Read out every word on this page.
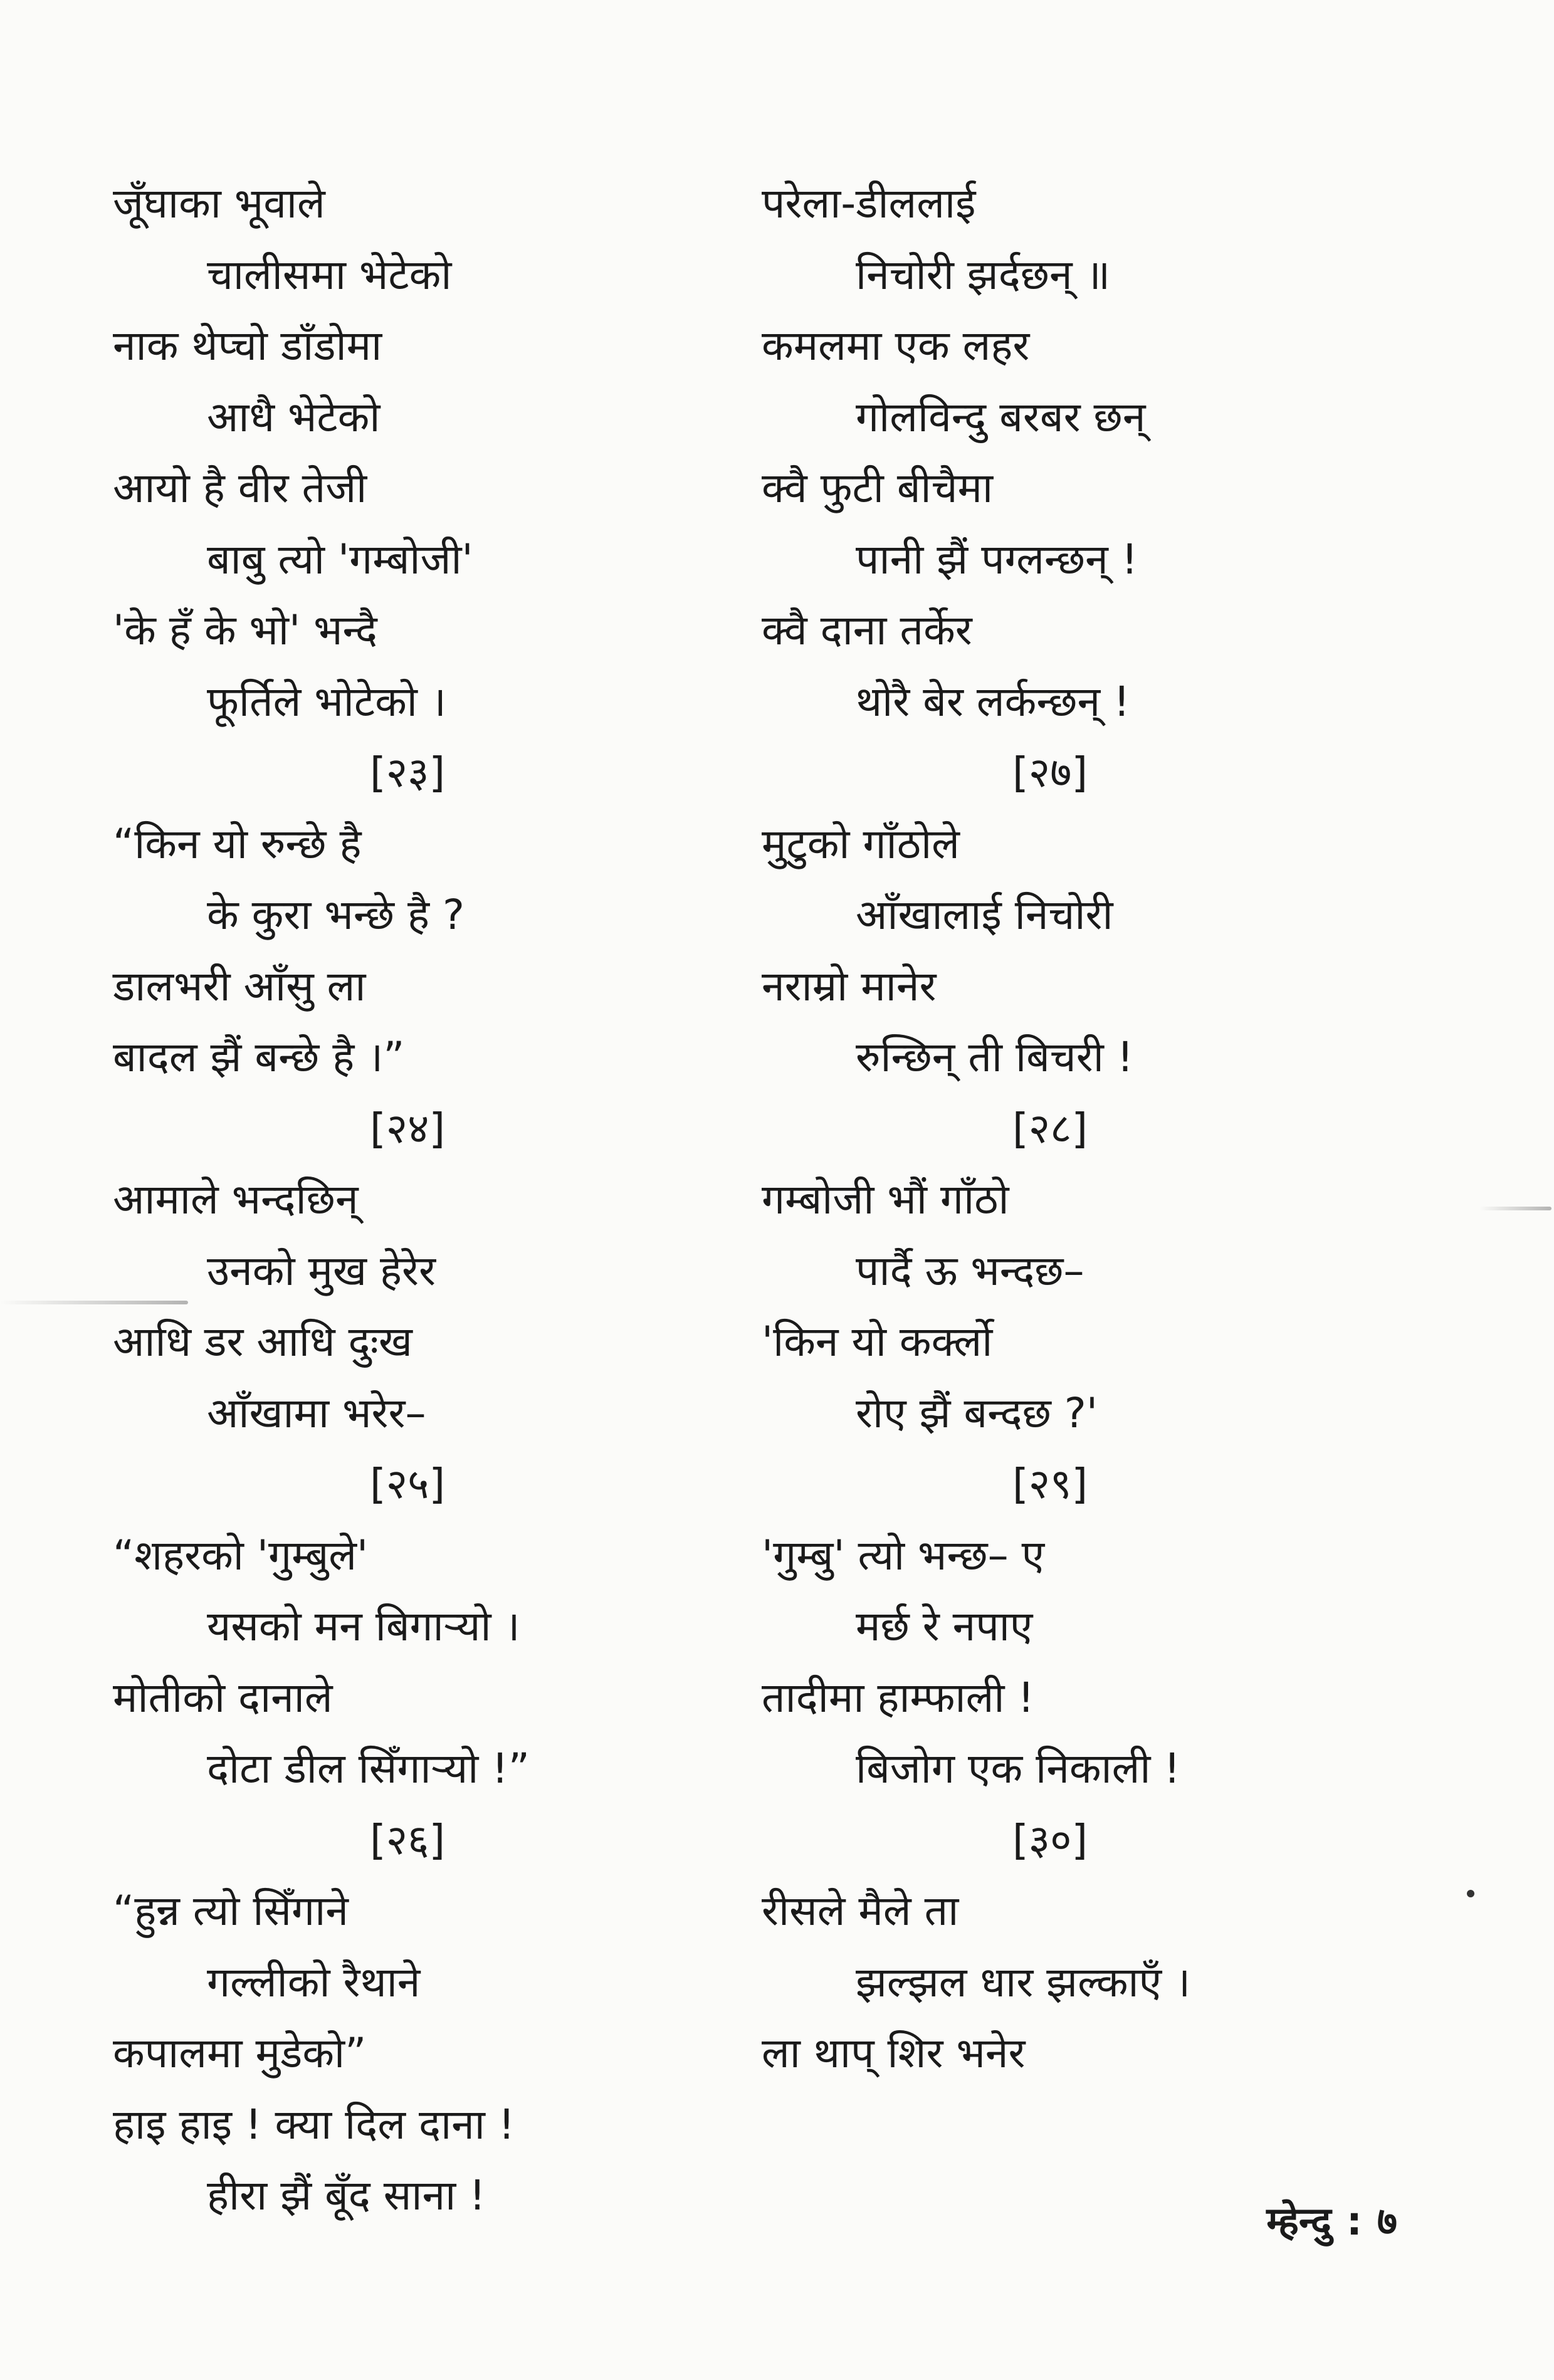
जूँघाका भूवाले
चालीसमा भेटेको
नाक थेप्चो डाँडोमा
आधै भेटेको
आयो है वीर तेजी
बाबु त्यो 'गम्बोजी'
'के हँ के भो' भन्दै
फूर्तिले भोटेको ।
[२३]
“किन यो रुन्छे है
के कुरा भन्छे है ?
डालभरी आँसु ला
बादल झैं बन्छे है ।”
[२४]
आमाले भन्दछिन्
उनको मुख हेरेर
आधि डर आधि दुःख
आँखामा भरेर–
[२५]
“शहरको 'गुम्बुले'
यसको मन बिगाऱ्यो ।
मोतीको दानाले
दोटा डील सिँगाऱ्यो !”
[२६]
“हुन्न त्यो सिँगाने
गल्लीको रैथाने
कपालमा मुडेको”
हाइ हाइ ! क्या दिल दाना !
हीरा झैं बूँद साना !
परेला-डीललाई
निचोरी झर्दछन् ॥
कमलमा एक लहर
गोलविन्दु बरबर छन्
क्वै फुटी बीचैमा
पानी झैं पग्लन्छन् !
क्वै दाना तर्केर
थोरै बेर लर्कन्छन् !
[२७]
मुटुको गाँठोले
आँखालाई निचोरी
नराम्रो मानेर
रुन्छिन् ती बिचरी !
[२८]
गम्बोजी भौं गाँठो
पार्दै ऊ भन्दछ–
'किन यो कर्क्लो
रोए झैं बन्दछ ?'
[२९]
'गुम्बु' त्यो भन्छ– ए
मर्छ रे नपाए
तादीमा हाम्फाली !
बिजोग एक निकाली !
[३०]
रीसले मैले ता
झल्झल धार झल्काएँ ।
ला थाप् शिर भनेर
म्हेन्दु : ७
